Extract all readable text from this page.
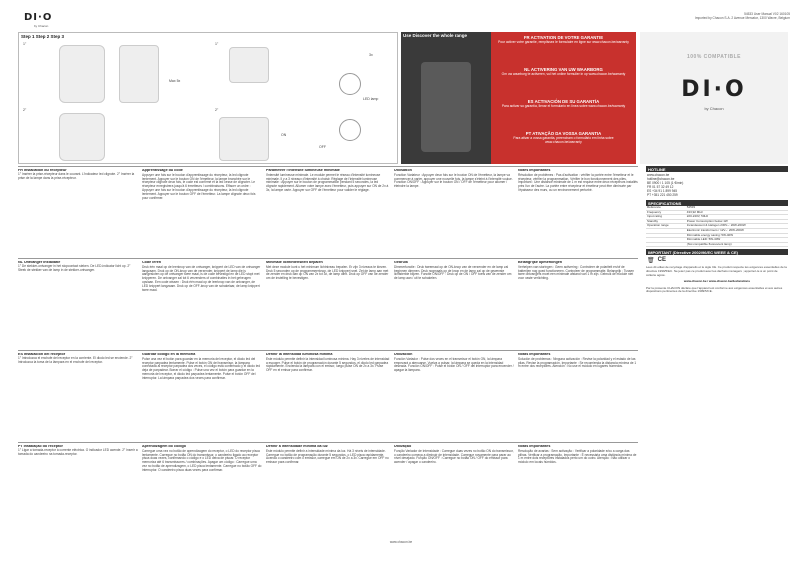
DI·O
by Chacon
54533 User Manual V02 160105
Imported by Chacon S.A. 2 Avenue Mercator, 1300 Wavre, Belgium
Step 1 Step 2 Step 3
1"
2"
Max 5x
1"
3x
LED lamp
2"
ON
OFF
Use Discover the whole range	FR ACTIVATION DE VOTRE GARANTIE
Pour activer votre garantie, remplissez le formulaire en ligne sur www.chacon.be/warranty
NL ACTIVERING VAN UW WAARBORG
Om uw waarborg te activeren, vul het online formulier in op www.chacon.be/warranty
ES ACTIVACIÓN DE SU GARANTÍA
Para activar su garantía, llenar el formulario en línea sobre www.chacon.be/warranty
PT ATIVAÇÃO DA VOSSA GARANTIA
Para ativar a vossa garantia, preencham o formulário em linha sobre www.chacon.be/warranty
100% COMPATIBLE
DI·O
by Chacon
FR Installation du récepteur
1° Insérer la prise-récepteur dans le courant. L'indicateur led clignote. 2° Insérer la prise de la lampe dans la prise-récepteur.
Apprentissage du code
Appuyer une fois sur le bouton d'apprentissage du récepteur, la led clignote lentement. Appuyer sur le bouton ON de l'émetteur, la lampe branchée sur le récepteur clignote deux fois, le code est confirmé et la led cesse de clignoter. Le récepteur enregistrera jusqu'à 6 émetteurs / combinaisons. Effacer un ordre : Appuyer une fois sur le bouton d'apprentissage du récepteur, la led clignote lentement. Appuyer sur le bouton OFF de l'émetteur. La lampe clignote deux fois pour confirmer.
Paramétrer l'intensité lumineuse minimale
l'intensité lumineuse minimale. Le module permet le réseau d'intensité lumineuse minimale. Il y a 3 niveaux d'intensité à choisir. Réglage de l'intensité lumineuse minimale : Appuyer sur le bouton de programmation pendant 5 secondes, la led clignote rapidement. Allumer votre lampe avec l'émetteur, puis appuyer sur ON de 2x à 3x, la lampe varie. Appuyer sur OFF de l'émetteur pour valider le réglage.
Utilisation
Fonction Variateur : Appuyer deux fois sur le bouton ON de l'émetteur, la lampe va commencer à varier, appuyer une nouvelle fois, la lampe s'éteint à l'intensité voulue. Fonction ON/OFF : Appuyer sur le bouton ON / OFF de l'émetteur pour allumer / éteindre la lampe.
Notes importantes
Résolution de problèmes : Pas d'activation : vérifier la portée entre l'émetteur et le récepteur, vérifier la programmation. Vérifier le bon fonctionnement des piles. Important : Une distance minimale de 1 m est requise entre deux récepteurs installés près l'un de l'autre. La portée entre récepteur et émetteur peut être diminuée par l'épaisseur des murs, ou un environnement perturbé.
NL Ontvanger installatie
1° De stekker-ontvanger in het stopcontact steken. De LED-indicator licht op. 2° Steek de stekker van de lamp in de stekker-ontvanger.
Code leren
Druk één maal op de leerknop van de ontvanger, knippert de LED van de ontvanger langzaam. Druk op de ON-knop van de verzender, knippert de lamp die is aangesloten op de ontvanger twee maal, is de code bevestigd en de LED stopt met knipperen. De ontvanger zal tot 6 verzenders of combinaties in het geheugen opslaan. Een code wissen : Druk één maal op de leerknop van de ontvanger, de LED knippert langzaam. Druk op de OFF-knop van de schakelaar, de lamp knippert twee maal.
Minimale lichtintensiteit bepalen
Met deze module kunt u het minimum lichtniveau bepalen. Er zijn 3 niveaus te kiezen. Druk 5 seconden op de programmeerknop, de LED knippert snel. Zet de lamp aan met de zender en druk dan op ON van 2x tot 3x, de lamp dimt. Druk op OFF van de zender om de instelling te bevestigen.
Gebruik
Dimmerfunctie : Druk tweemaal op de ON-knop van de verzender en de lamp zal beginnen dimmen. Druk nogmaals op de knop en de lamp zal op de gewenste lichtsterkte blijven. Functie ON/OFF : Druk op de ON / OFF toets van de zender om de lamp aan / uit te schakelen.
Belangrijke opmerkingen
Verhelpen van storingen : Geen activering : Controleer de polariteit en/of de batterijen nog goed functioneren. Controleer de programmatie. Belangrijk : Tussen twee ontvangers moet een minimale afstand van 1 m zijn. Gebruik de module niet voor vaste verlichting.
ES Instalación del receptor
1° Introduzca el enchufe del receptor en la corriente. El diodo led se enciende. 2° Introduzca la toma de la lámpara en el enchufe del receptor.
Guardar código en la memoria
Pulse una vez el botón para guardar en la memoria del receptor, el diodo led del receptor parpadea lentamente. Pulse el botón ON del transmisor, la lámpara conectada al receptor parpadea dos veces, el código está confirmado y el diodo led deja de parpadear. Borrar el código : Pulse una vez el botón para guardar en la memoria del receptor, el diodo led parpadea lentamente. Pulse el botón OFF del interruptor. La lámpara parpadea dos veces para confirmar.
Definir la intensidad luminosa mínima
Este módulo permite definir la intensidad luminosa mínima. Hay 3 niveles de intensidad a escoger. Pulse el botón de programación durante 5 segundos, el diodo led parpadea rápidamente. Encienda la lámpara con el emisor, luego pulse ON de 2x a 3x. Pulse OFF en el emisor para confirmar.
Utilización
Función Variador : Pulse dos veces en el transmisor el botón ON, la lámpara empezará a atenuarse. Vuelva a pulsar, la lámpara se queda en la intensidad deseada. Función ON/OFF : Pulse el botón ON / OFF del interruptor para encender / apagar la lámpara.
Notas importantes
Solución de problemas : Ninguna activación : Revise la polaridad y el estado de las pilas. Revise la programación. Importante : Se recomienda la distancia mínima de 1 m entre dos receptores. Atención : No use el módulo en lugares húmedos.
PT Instalação do receptor
1° Ligar a tomada-receptor à corrente eléctrica. O indicador LED acende. 2° Inserir a tomada do candeeiro na tomada-receptor.
Aprendizagem do código
Carregue uma vez no botão de aprendizagem do receptor, o LED do receptor pisca lentamente. Carregue no botão ON do transmissor, o candeeiro ligado ao receptor pisca duas vezes, confirmando o código e o LED deixa de piscar. O receptor memoriza até 6 transmissores / combinações. Apagar um código : Carregue uma vez no botão de aprendizagem, o LED pisca lentamente. Carregue no botão OFF do interruptor. O candeeiro pisca duas vezes para confirmar.
Definir a intensidade mínima da luz
Este módulo permite definir a intensidade mínima da luz. Há 3 níveis de intensidade. Carregue no botão de programação durante 5 segundos, o LED pisca rapidamente. Acenda o candeeiro com o emissor, carregue em ON de 2x a 3x. Carregue em OFF no emissor para confirmar.
Utilização
Função Variador de Intensidade : Carregue duas vezes no botão ON do transmissor, o candeeiro começa a diminuir de intensidade. Carregue novamente para parar ao nível desejado. Função ON/OFF : Carregue no botão ON / OFF do emissor para acender / apagar o candeeiro.
Notas importantes
Resolução de avarias : Sem activação : Verificar a polaridade e/ou a carga das pilhas. Verificar a programação. Importante : É necessária uma distância mínima de 1 m entre dois receptores instalados perto um do outro. Atenção : Não utilizar o módulo em locais húmidos.
HOTLINE
www.chacon.be
hotline@chacon.be
BE 0900 / 1 105 (1 €/min)
FR 01 57 32 49 12
ES +34 91 1 899 945
PT +351 221 450 259
SPECIFICATIONS
Reference	54533
Frequency	433,92 MHz
Input rating	220-240V, 50Hz
Standby	Power Consumption below 1W
Operation range	Incandescent & Halogen 230V~: 20W-200W
	Electronic transformers / 12V~: 20W-200W
	Dimmable energy saving: 5W-40W
	Dimmable LED: 5W-40W
	(Not compatible fluorescent lamp)
IMPORTANT (Directive 2002/96/EC WEEE & CE)
🗑 CE
Lees dit etiket de recyclage d'appareils et le sigle CE. Ce produit respecte les exigences essentielles de la directive 1999/5/EC. Ne jetez pas ce produit avec les déchets ménagers ; apportez-le à un point de collecte agréé.
www.chacon.be / www.chacon.be/declarations
Par la présente CHACON déclare que l'appareil est conforme aux exigences essentielles et aux autres dispositions pertinentes de la directive 1999/5/CE.
www.chacon.be
